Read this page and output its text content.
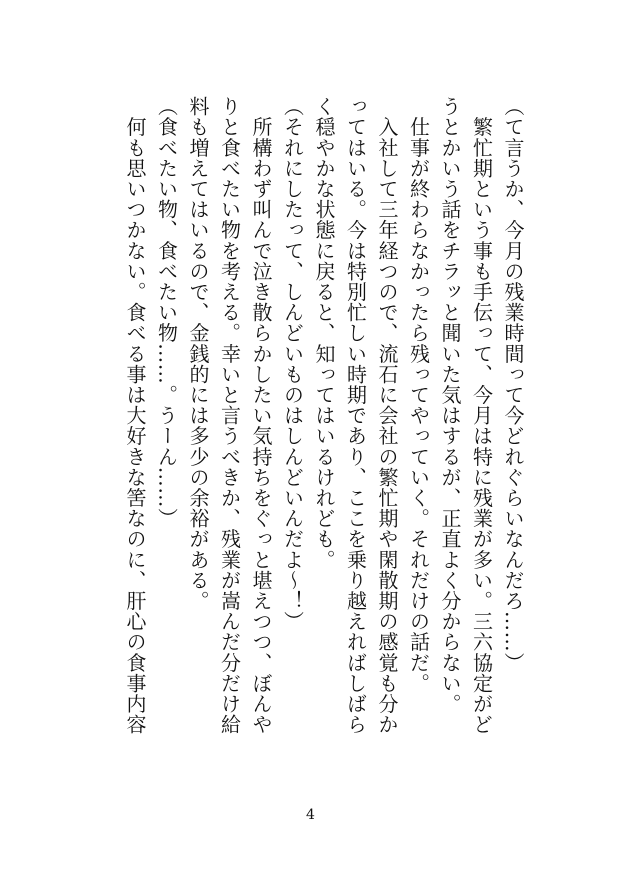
（て言うか、今月の残業時間って今どれぐらいなんだろ……）
　繁忙期という事も手伝って、今月は特に残業が多い。三六協定がど
うとかいう話をチラッと聞いた気はするが、正直よく分からない。
　仕事が終わらなかったら残ってやっていく。それだけの話だ。
　入社して三年経つので、流石に会社の繁忙期や閑散期の感覚も分か
ってはいる。今は特別忙しい時期であり、ここを乗り越えればしばら
く穏やかな状態に戻ると、知ってはいるけれども。
（それにしたって、しんどいものはしんどいんだよ〜！）
　所構わず叫んで泣き散らかしたい気持ちをぐっと堪えつつ、ぼんや
りと食べたい物を考える。幸いと言うべきか、残業が嵩んだ分だけ給
料も増えてはいるので、金銭的には多少の余裕がある。
（食べたい物、食べたい物……。うーん……）
　何も思いつかない。食べる事は大好きな筈なのに、肝心の食事内容
4
